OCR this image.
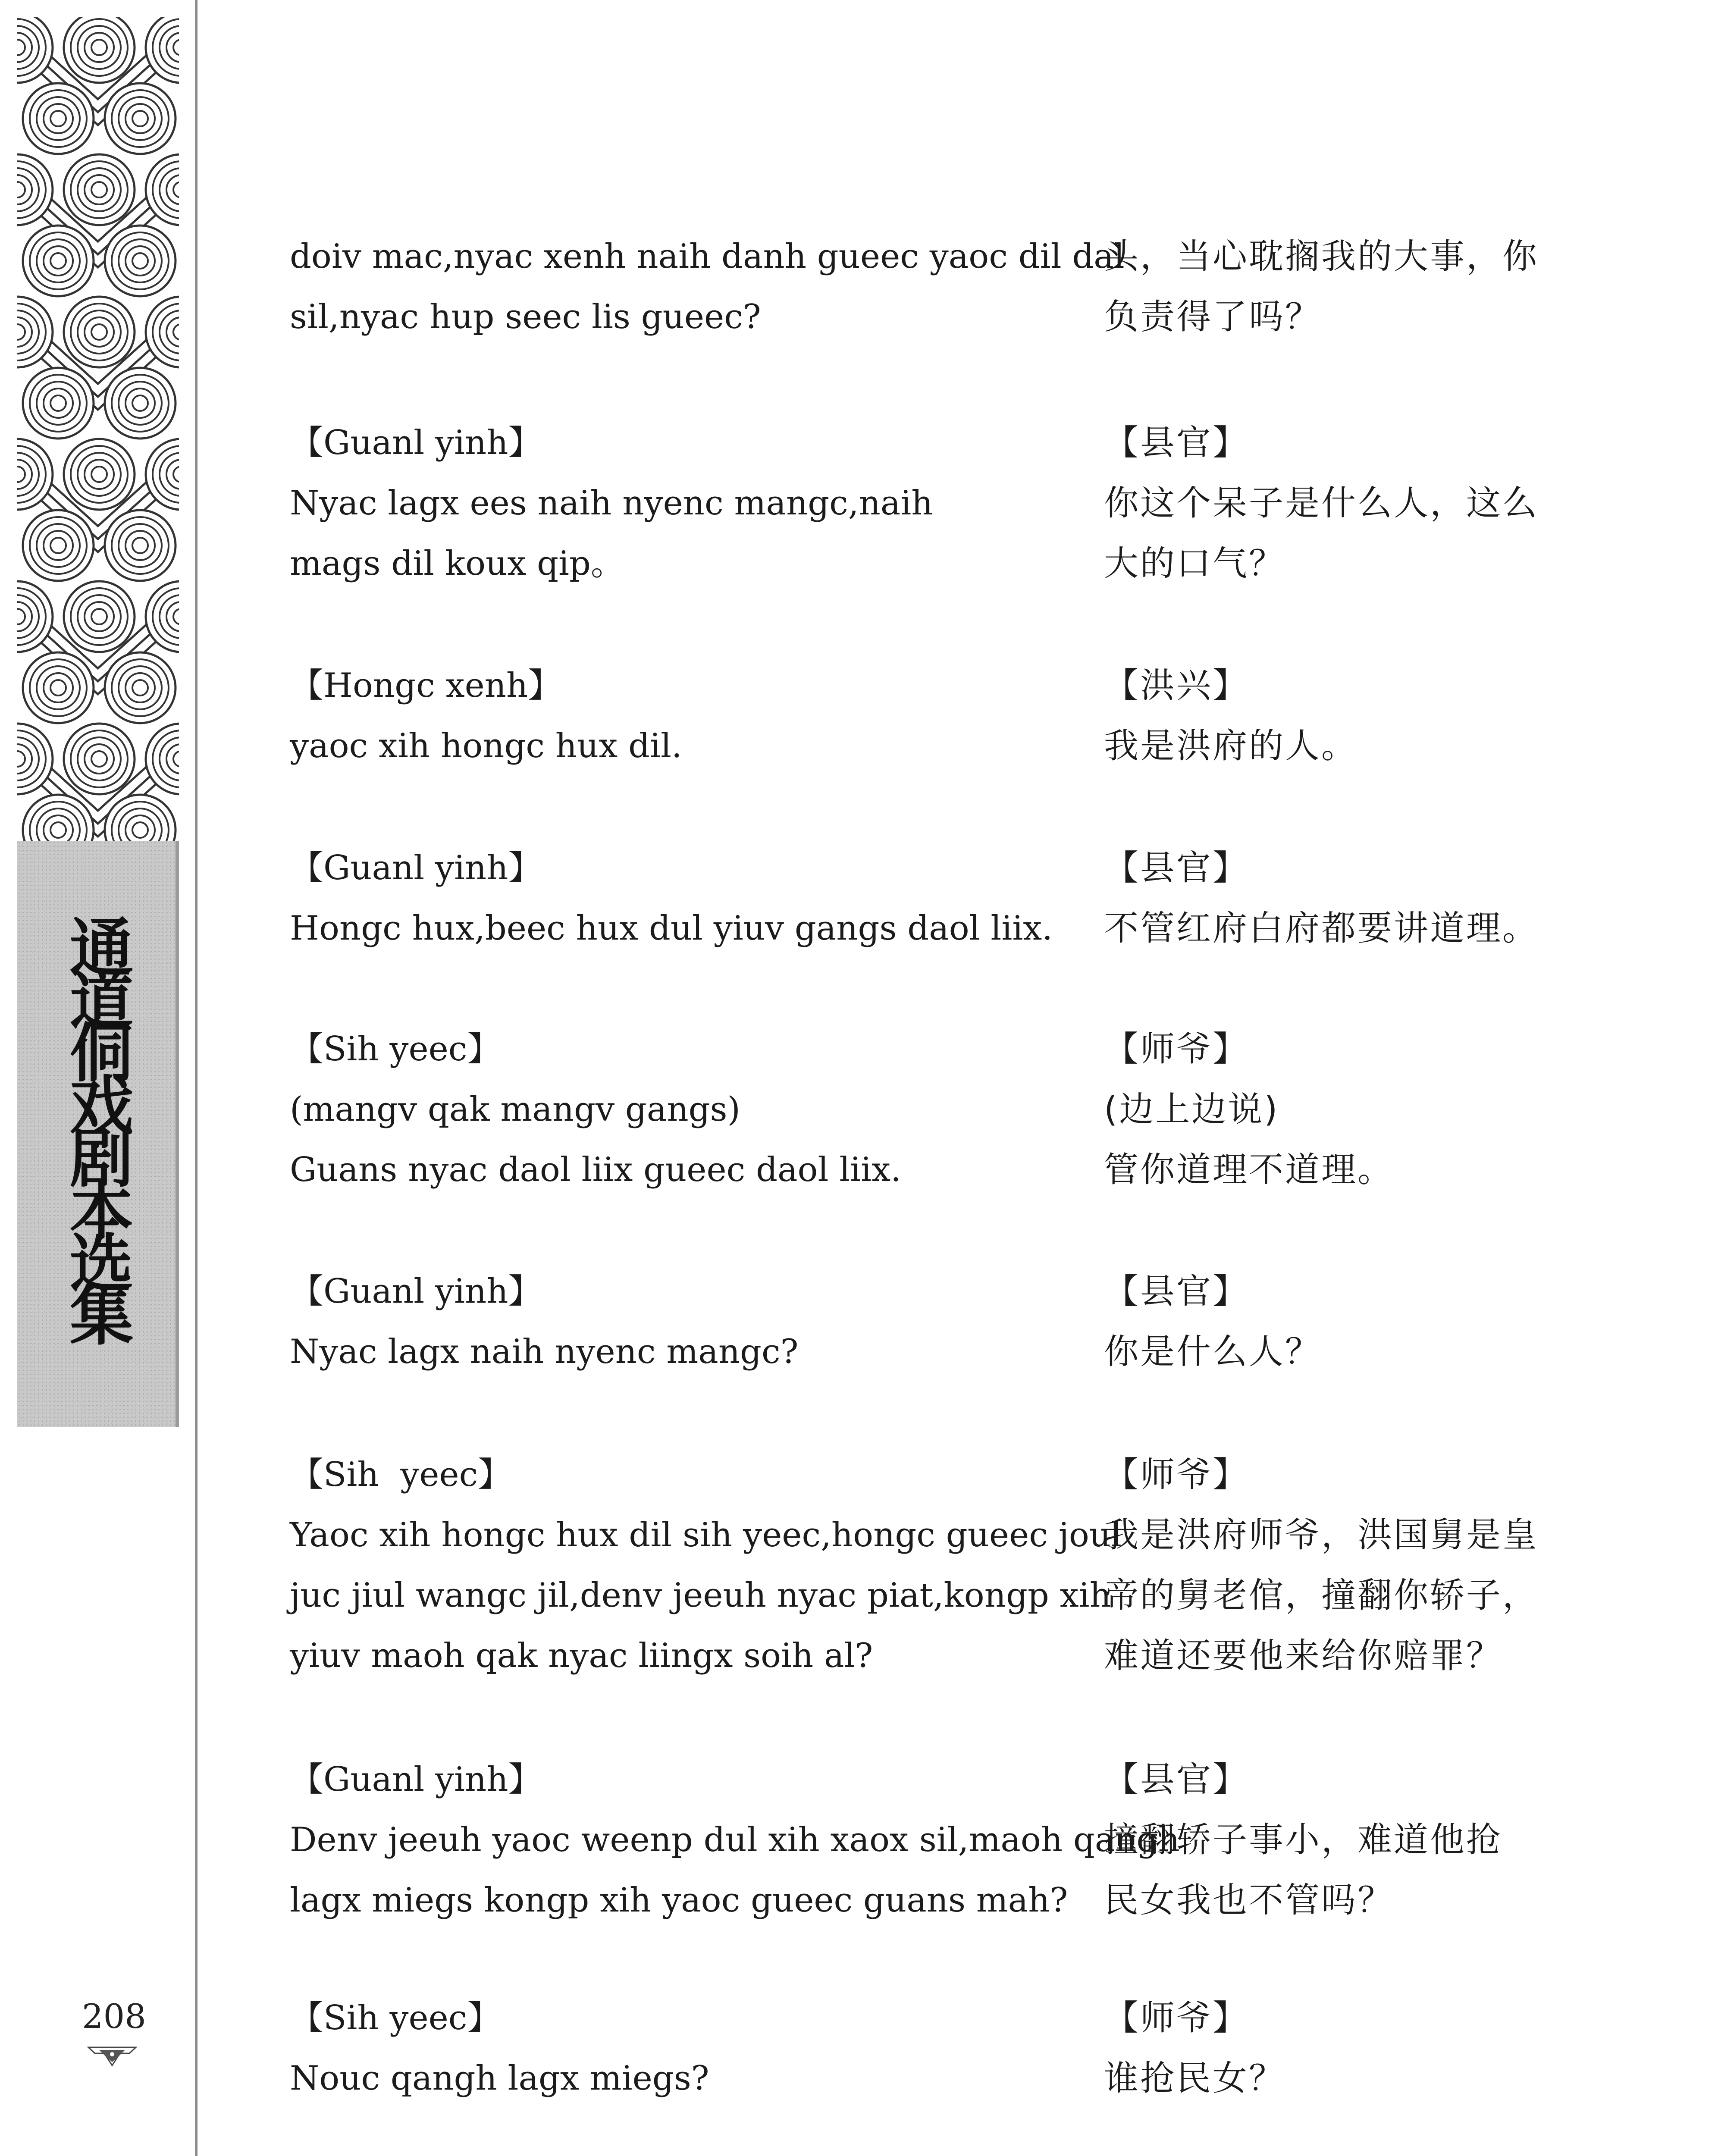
通道侗戏剧本选集
208
doiv mac,nyac xenh naih danh gueec yaoc dil dal
sil,nyac hup seec lis gueec?
头，当心耽搁我的大事，你
负责得了吗？
【Guanl yinh】
Nyac lagx ees naih nyenc mangc,naih
mags dil koux qip。
【县官】
你这个呆子是什么人，这么
大的口气？
【Hongc xenh】
yaoc xih hongc hux dil.
【洪兴】
我是洪府的人。
【Guanl yinh】
Hongc hux,beec hux dul yiuv gangs daol liix.
【县官】
不管红府白府都要讲道理。
【Sih yeec】
(mangv qak mangv gangs)
Guans nyac daol liix gueec daol liix.
【师爷】
(边上边说)
管你道理不道理。
【Guanl yinh】
Nyac lagx naih nyenc mangc?
【县官】
你是什么人？
【Sih  yeec】
Yaoc xih hongc hux dil sih yeec,hongc gueec joul
juc jiul wangc jil,denv jeeuh nyac piat,kongp xih
yiuv maoh qak nyac liingx soih al?
【师爷】
我是洪府师爷，洪国舅是皇
帝的舅老倌，撞翻你轿子，
难道还要他来给你赔罪？
【Guanl yinh】
Denv jeeuh yaoc weenp dul xih xaox sil,maoh qangh
lagx miegs kongp xih yaoc gueec guans mah?
【县官】
撞翻轿子事小，难道他抢
民女我也不管吗？
【Sih yeec】
Nouc qangh lagx miegs?
【师爷】
谁抢民女？
